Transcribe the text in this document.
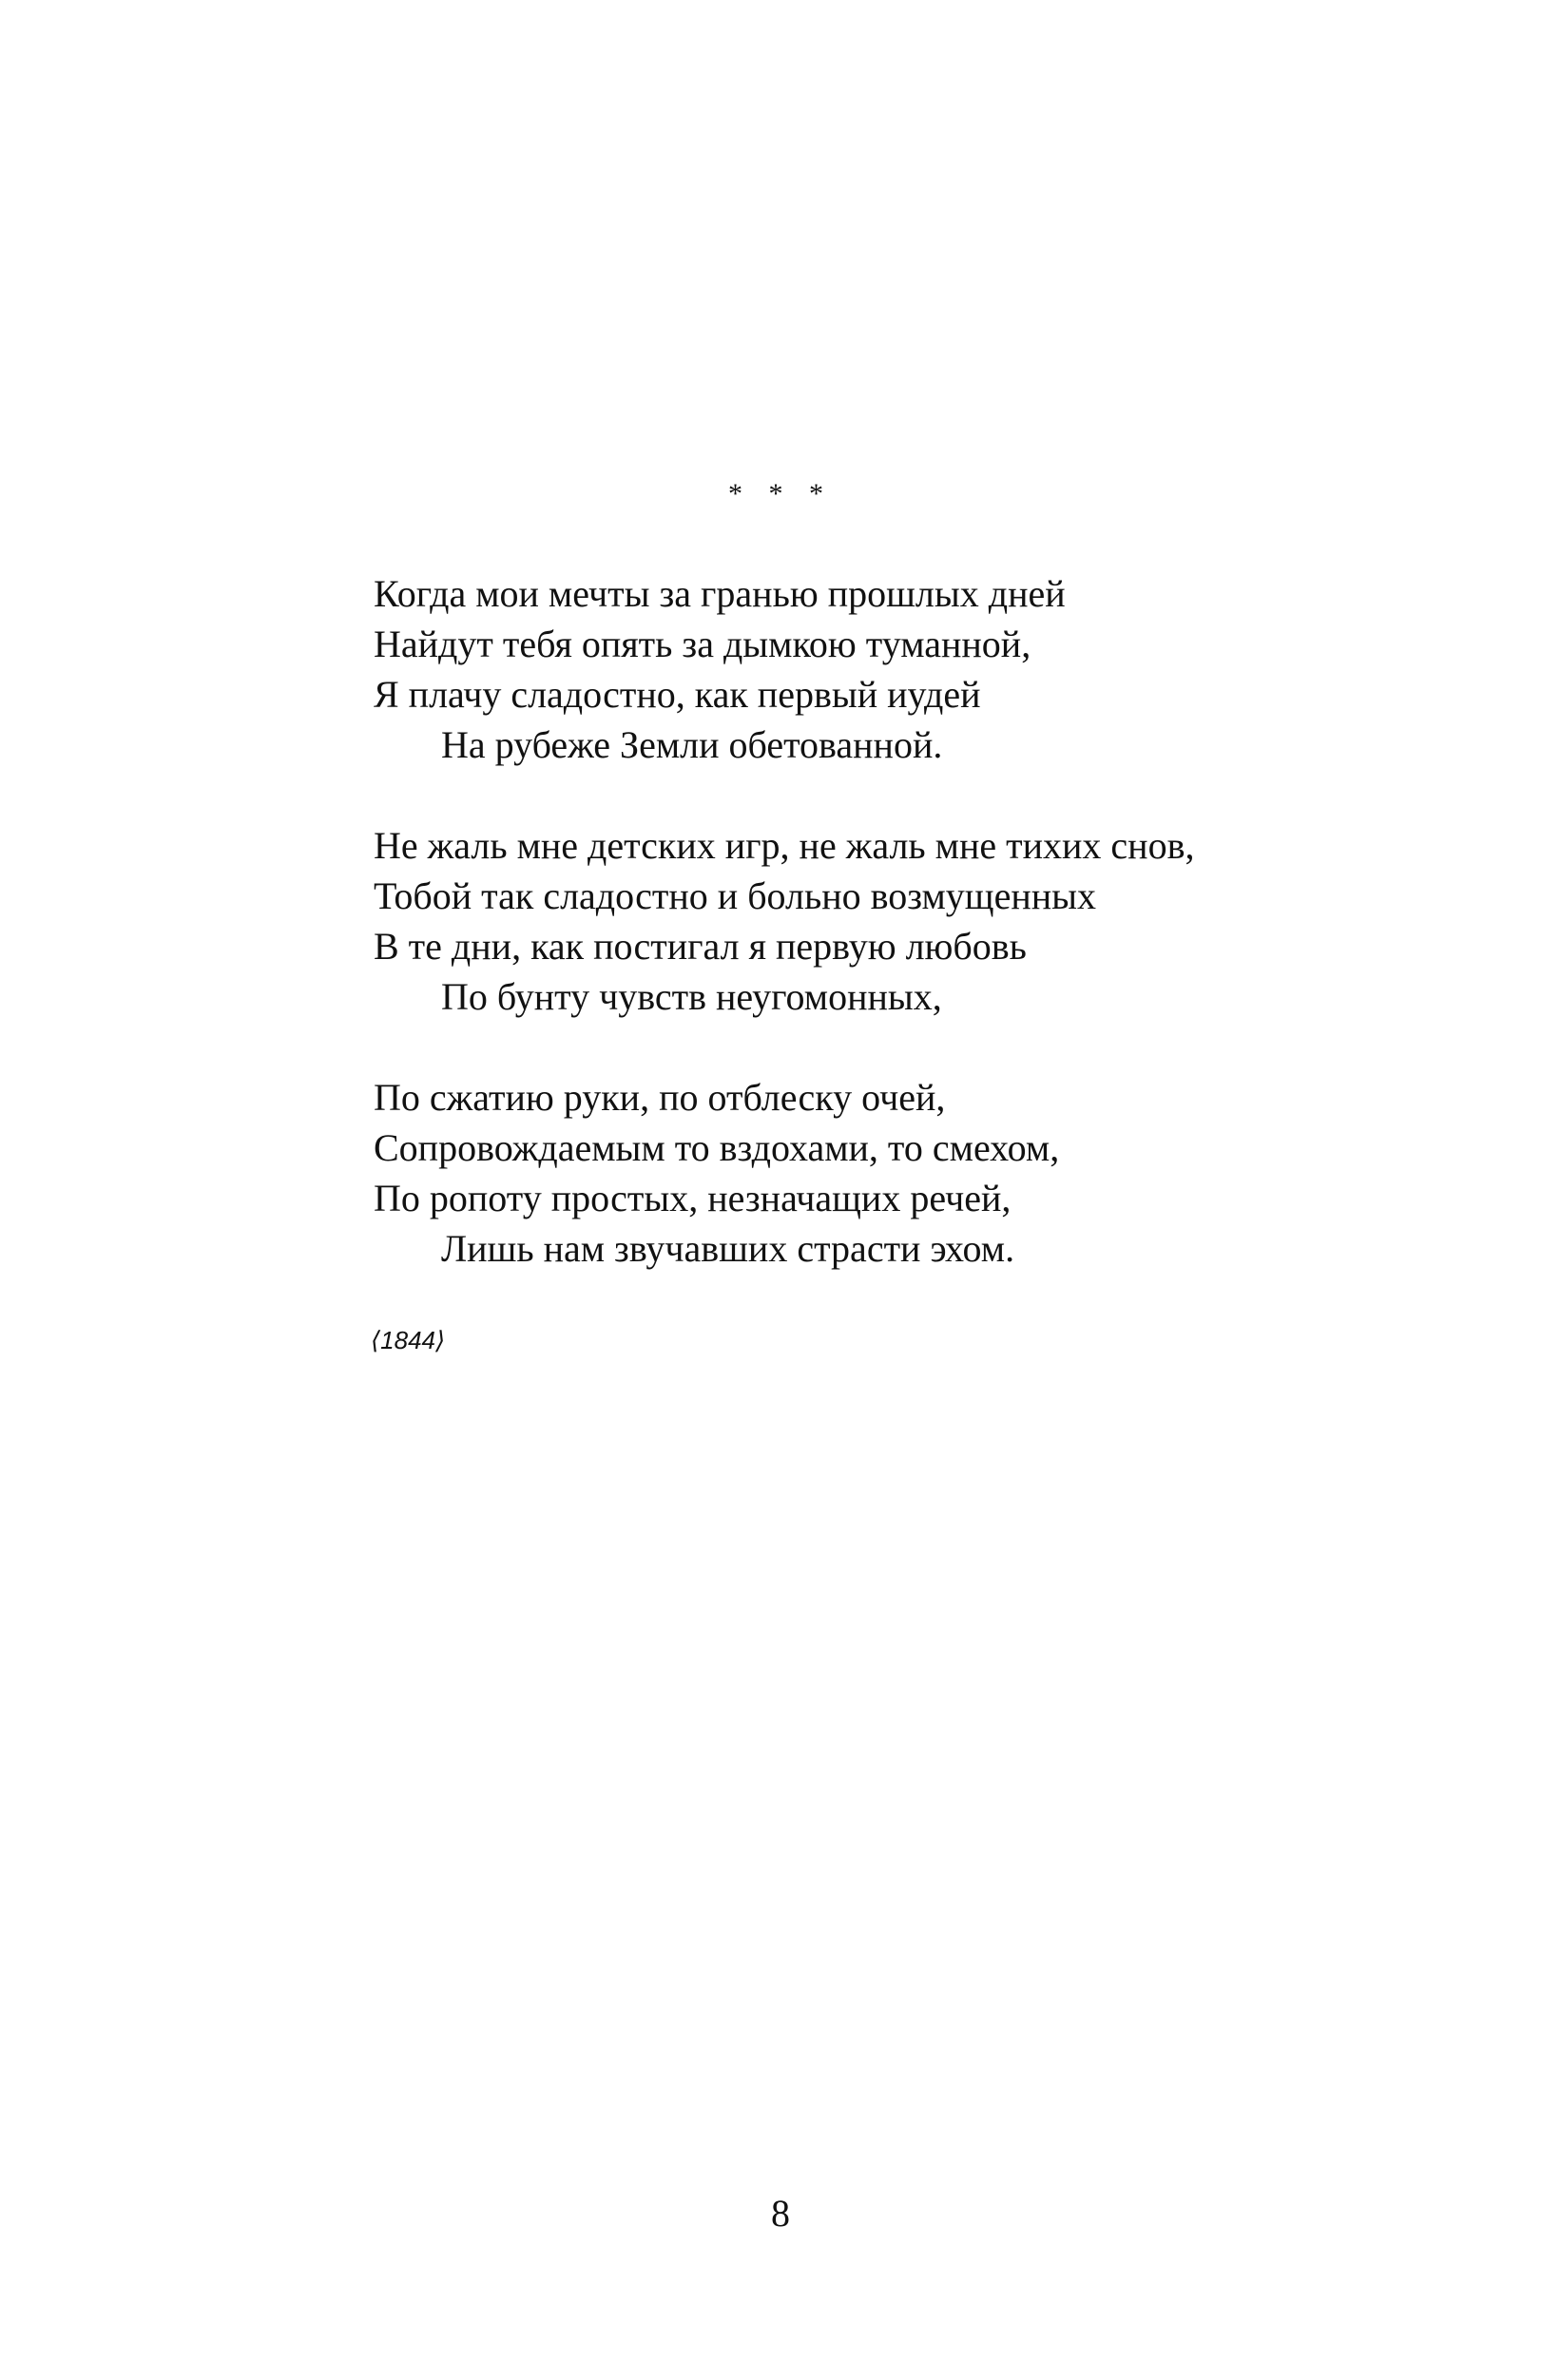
* * *
Когда мои мечты за гранью прошлых дней
Найдут тебя опять за дымкою туманной,
Я плачу сладостно, как первый иудей
На рубеже Земли обетованной.
Не жаль мне детских игр, не жаль мне тихих снов,
Тобой так сладостно и больно возмущенных
В те дни, как постигал я первую любовь
По бунту чувств неугомонных,
По сжатию руки, по отблеску очей,
Сопровождаемым то вздохами, то смехом,
По ропоту простых, незначащих речей,
Лишь нам звучавших страсти эхом.
⟨1844⟩
8
